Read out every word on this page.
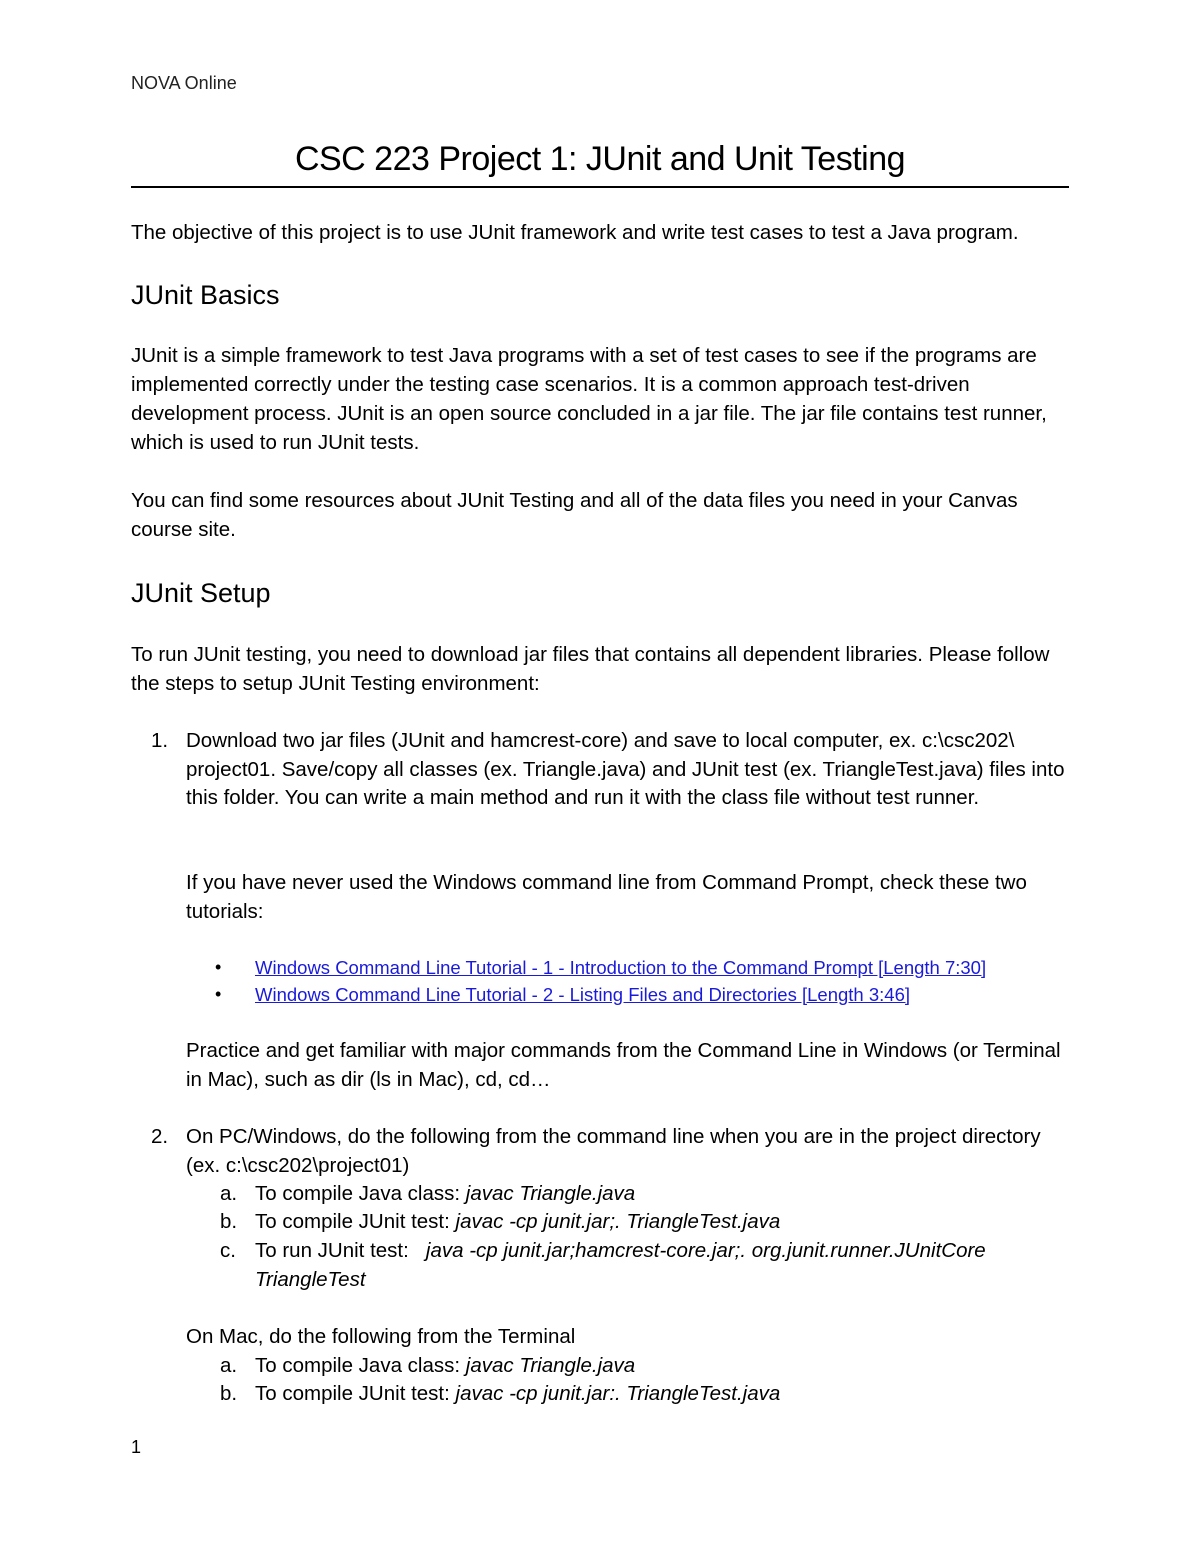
NOVA Online
CSC 223 Project 1: JUnit and Unit Testing

The objective of this project is to use JUnit framework and write test cases to test a Java program.

JUnit Basics

JUnit is a simple framework to test Java programs with a set of test cases to see if the programs are implemented correctly under the testing case scenarios. It is a common approach test-driven development process. JUnit is an open source concluded in a jar file. The jar file contains test runner, which is used to run JUnit tests.

You can find some resources about JUnit Testing and all of the data files you need in your Canvas course site.

JUnit Setup

To run JUnit testing, you need to download jar files that contains all dependent libraries. Please follow the steps to setup JUnit Testing environment:

1. Download two jar files (JUnit and hamcrest-core) and save to local computer, ex. c:\csc202\ project01. Save/copy all classes (ex. Triangle.java) and JUnit test (ex. TriangleTest.java) files into this folder. You can write a main method and run it with the class file without test runner.

If you have never used the Windows command line from Command Prompt, check these two tutorials:

• Windows Command Line Tutorial - 1 - Introduction to the Command Prompt [Length 7:30]
• Windows Command Line Tutorial - 2 - Listing Files and Directories [Length 3:46]

Practice and get familiar with major commands from the Command Line in Windows (or Terminal in Mac), such as dir (ls in Mac), cd, cd…

2. On PC/Windows, do the following from the command line when you are in the project directory (ex. c:\csc202\project01)
a. To compile Java class: javac Triangle.java
b. To compile JUnit test: javac -cp junit.jar;. TriangleTest.java
c. To run JUnit test:   java -cp junit.jar;hamcrest-core.jar;. org.junit.runner.JUnitCore TriangleTest

On Mac, do the following from the Terminal

a. To compile Java class: javac Triangle.java
b. To compile JUnit test: javac -cp junit.jar:. TriangleTest.java
1
